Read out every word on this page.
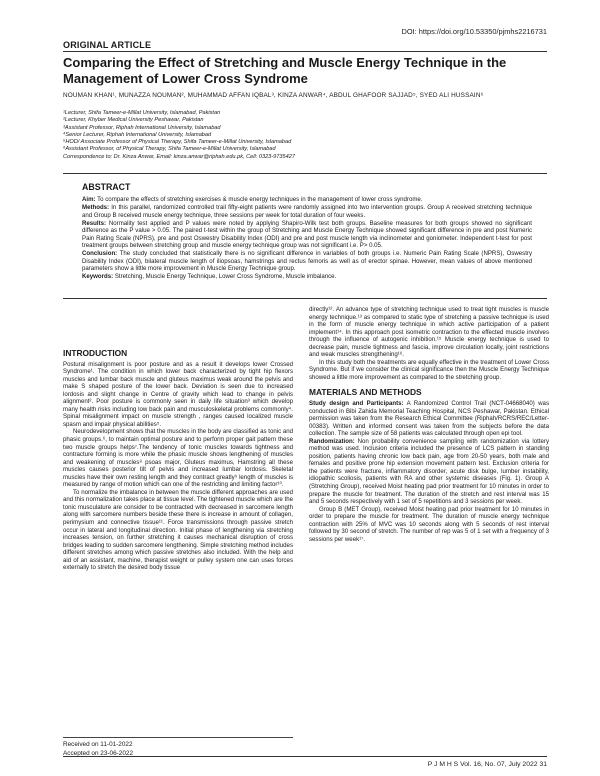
DOI: https://doi.org/10.53350/pjmhs2216731
ORIGINAL ARTICLE
Comparing the Effect of Stretching and Muscle Energy Technique in the Management of Lower Cross Syndrome
NOUMAN KHAN¹, MUNAZZA NOUMAN², MUHAMMAD AFFAN IQBAL³, KINZA ANWAR⁴, ABDUL GHAFOOR SAJJAD⁵, SYED ALI HUSSAIN⁶
¹Lecturer, Shifa Tameer-e-Millat University, Islamabad, Pakistan
²Lecturer, Khyber Medical University Peshawar, Pakistan
³Assistant Professor, Riphah International University, Islamabad
⁴Senior Lecturer, Riphah International University, Islamabad
⁵HOD/ Associate Professor of Physical Therapy, Shifa Tameer-e-Millat University, Islamabad
⁶Assistant Professor, of Physical Therapy, Shifa Tameer-e-Millat University, Islamabad
Correspondence to: Dr. Kinza Anwar, Email: kinza.anwar@riphah.edu.pk, Cell: 0323-9735427
ABSTRACT

Aim: To compare the effects of stretching exercises & muscle energy techniques in the management of lower cross syndrome.

Methods: In this parallel, randomized controlled trail fifty-eight patients were randomly assigned into two intervention groups. Group A received stretching technique and Group B received muscle energy technique, three sessions per week for total duration of four weeks.

Results: Normality test applied and P values were noted by applying Shapiro-Wilk test both groups. Baseline measures for both groups showed no significant difference as the P value > 0.05. The paired t-test within the group of Stretching and Muscle Energy Technique showed significant difference in pre and post Numeric Pain Rating Scale (NPRS), pre and post Oswestry Disability Index (ODI) and pre and post muscle length via inclinometer and goniometer. Independent t-test for post treatment groups between stretching group and muscle energy technique group was not significant i.e. P> 0.05.

Conclusion: The study concluded that statistically there is no significant difference in variables of both groups i.e. Numeric Pain Rating Scale (NPRS), Oswestry Disability Index (ODI), bilateral muscle length of iliopsoas, hamstrings and rectus femoris as well as of erector spinae. However, mean values of above mentioned parameters show a little more improvement in Muscle Energy Technique group.

Keywords: Stretching, Muscle Energy Technique, Lower Cross Syndrome, Muscle imbalance.

INTRODUCTION

Postural misalignment is poor posture and as a result it develops lower Crossed Syndrome¹. The condition in which lower back characterized by tight hip flexors muscles and lumbar back muscle and gluteus maximus weak around the pelvis and make S shaped posture of the lower back. Deviation is seen due to increased lordosis and slight change in Centre of gravity which lead to change in pelvis alignment². Poor posture is commonly seen in daily life situation³ which develop many health risks including low back pain and musculoskeletal problems commonly⁴. Spinal misalignment impact on muscle strength , ranges caused localized muscle spasm and impair physical abilities⁵.

Neurodevelopment shows that the muscles in the body are classified as tonic and phasic groups.⁶, to maintain optimal posture and to perform proper gait pattern these two muscle groups helps⁷.The tendency of tonic muscles towards tightness and contracture forming is more while the phasic muscle shows lengthening of muscles and weakening of muscles⁸ psoas major, Gluteus maximus, Hamstring all these muscles causes posterior tilt of pelvis and increased lumbar lordosis. Skeletal muscles have their own resting length and they contract greatly⁹ length of muscles is measured by range of motion which can one of the restricting and limiting factor¹⁰.

To normalize the imbalance in between the muscle different approaches are used and this normalization takes place at tissue level. The tightened muscle which are the tonic musculature are consider to be contracted with decreased in sarcomere length along with sarcomere numbers beside these there is increase in amount of collagen, perimysium and connective tissue¹¹. Force transmissions through passive stretch occur in lateral and longitudinal direction. Initial phase of lengthening via stretching increases tension, on further stretching it causes mechanical disruption of cross bridges leading to sudden sarcomere lengthening. Simple stretching method includes different stretches among which passive stretches also included. With the help and aid of an assistant, machine, therapist weight or pulley system one can uses forces externally to stretch the desired body tissue

Received on 11-01-2022
Accepted on 23-06-2022

directly¹². An advance type of stretching technique used to treat tight muscles is muscle energy technique.¹³ as compared to static type of stretching a passive technique is used in the form of muscle energy technique in which active participation of a patient implement¹⁴. In this approach post isometric contraction to the effected muscle involves through the influence of autogenic inhibition.¹⁵ Muscle energy technique is used to decrease pain, muscle tightness and fascia, improve circulation locally, joint restrictions and weak muscles strengthening¹⁶.

In this study both the treatments are equally effective in the treatment of Lower Cross Syndrome. But if we consider the clinical significance then the Muscle Energy Technique showed a little more improvement as compared to the stretching group.

MATERIALS AND METHODS

Study design and Participants: A Randomized Control Trail (NCT-04668040) was conducted in Bibi Zahida Memorial Teaching Hospital, NCS Peshawar, Pakistan. Ethical permission was taken from the Research Ethical Committee (Riphah/RCRS/REC/Letter-00383). Written and informed consent was taken from the subjects before the data collection. The sample size of 58 patients was calculated through open epi tool.

Randomization: Non probability convenience sampling with randomization via lottery method was used. Inclusion criteria included the presence of LCS pattern in standing position, patients having chronic low back pain, age from 20-50 years, both male and females and positive prone hip extension movement pattern test. Exclusion criteria for the patients were fracture, inflammatory disorder, acute disk bulge, lumber instability, idiopathic scoliosis, patients with RA and other systemic diseases (Fig. 1). Group A (Stretching Group), received Moist heating pad prior treatment for 10 minutes in order to prepare the muscle for treatment. The duration of the stretch and rest interval was 15 and 5 seconds respectively with 1 set of 5 repetitions and 3 sessions per week.

Group B (MET Group), received Moist heating pad prior treatment for 10 minutes in order to prepare the muscle for treatment. The duration of muscle energy technique contraction with 25% of MVC was 10 seconds along with 5 seconds of rest interval followed by 30 second of stretch. The number of rep was 5 of 1 set with a frequency of 3 sessions per week¹⁷.

P J M H S Vol. 16, No. 07, July 2022 31
